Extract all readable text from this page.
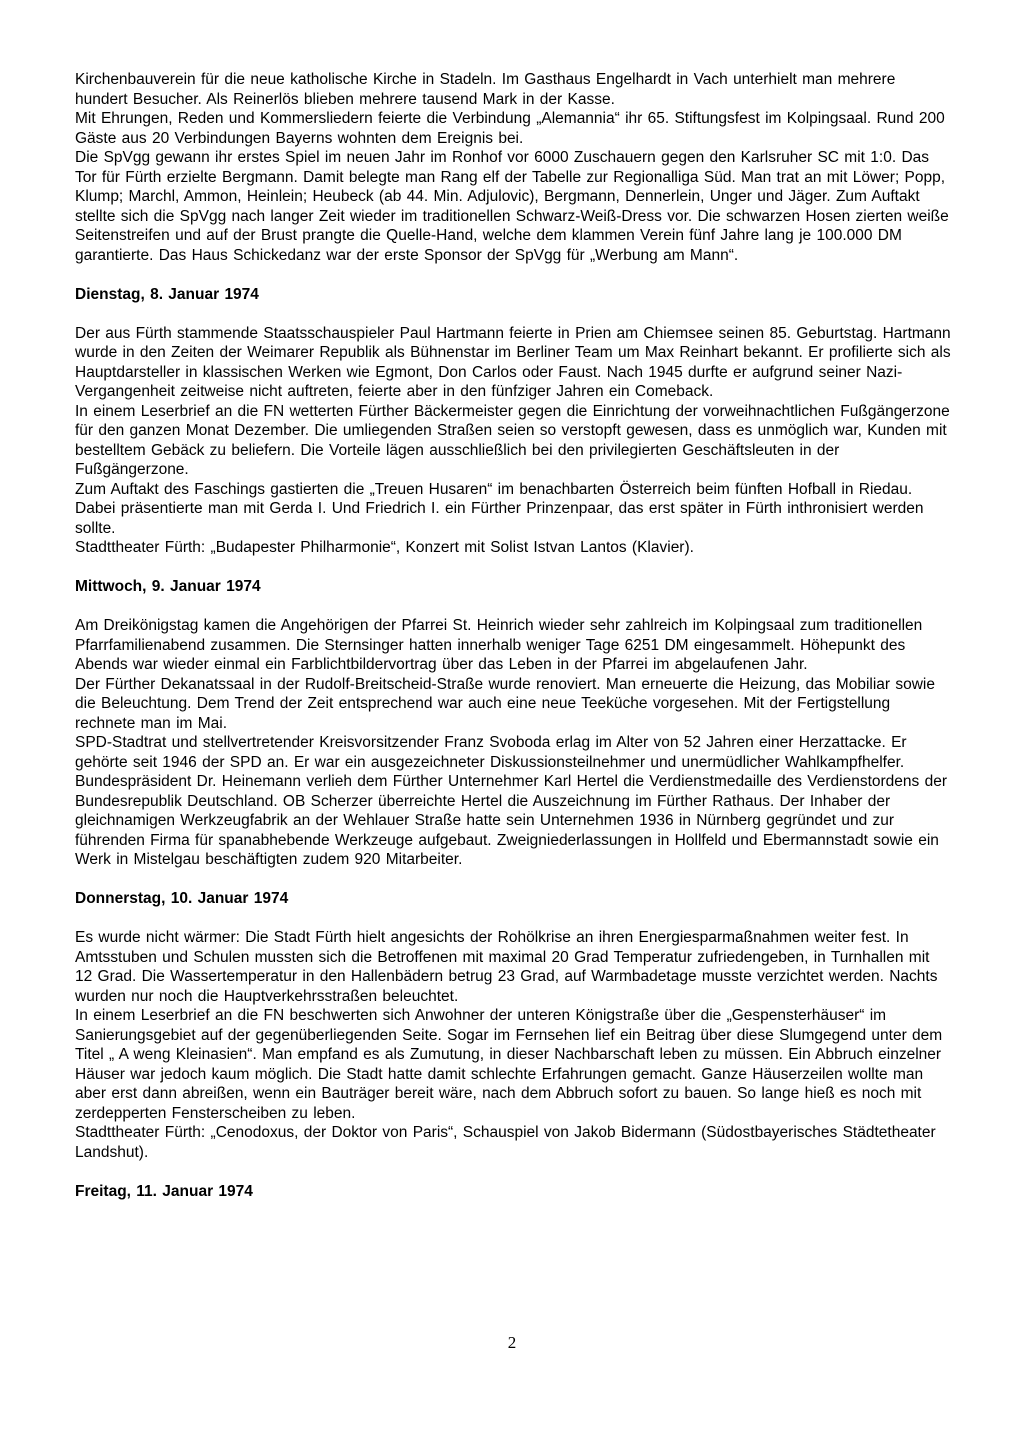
Kirchenbauverein für die neue katholische Kirche in Stadeln. Im Gasthaus Engelhardt in Vach unterhielt man mehrere hundert Besucher. Als Reinerlös blieben mehrere tausend Mark in der Kasse.

Mit Ehrungen, Reden und Kommersliedern feierte die Verbindung „Alemannia“ ihr 65. Stiftungsfest im Kolpingsaal. Rund 200 Gäste aus 20 Verbindungen Bayerns wohnten dem Ereignis bei.

Die SpVgg gewann ihr erstes Spiel im neuen Jahr im Ronhof vor 6000 Zuschauern gegen den Karlsruher SC mit 1:0. Das Tor für Fürth erzielte Bergmann. Damit belegte man Rang elf der Tabelle zur Regionalliga Süd. Man trat an mit Löwer; Popp, Klump; Marchl, Ammon, Heinlein; Heubeck (ab 44. Min. Adjulovic), Bergmann, Dennerlein, Unger und Jäger. Zum Auftakt stellte sich die SpVgg nach langer Zeit wieder im traditionellen Schwarz-Weiß-Dress vor. Die schwarzen Hosen zierten weiße Seitenstreifen und auf der Brust prangte die Quelle-Hand, welche dem klammen Verein fünf Jahre lang je 100.000 DM garantierte. Das Haus Schickedanz war der erste Sponsor der SpVgg für „Werbung am Mann“.

Dienstag, 8. Januar 1974

Der aus Fürth stammende Staatsschauspieler Paul Hartmann feierte in Prien am Chiemsee seinen 85. Geburtstag. Hartmann wurde in den Zeiten der Weimarer Republik als Bühnenstar im Berliner Team um Max Reinhart bekannt. Er profilierte sich als Hauptdarsteller in klassischen Werken wie Egmont, Don Carlos oder Faust. Nach 1945 durfte er aufgrund seiner Nazi-Vergangenheit zeitweise nicht auftreten, feierte aber in den fünfziger Jahren ein Comeback.

In einem Leserbrief an die FN wetterten Fürther Bäckermeister gegen die Einrichtung der vorweihnachtlichen Fußgängerzone für den ganzen Monat Dezember. Die umliegenden Straßen seien so verstopft gewesen, dass es unmöglich war, Kunden mit bestelltem Gebäck zu beliefern. Die Vorteile lägen ausschließlich bei den privilegierten Geschäftsleuten in der Fußgängerzone.

Zum Auftakt des Faschings gastierten die „Treuen Husaren“ im benachbarten Österreich beim fünften Hofball in Riedau. Dabei präsentierte man mit Gerda I. Und Friedrich I. ein Fürther Prinzenpaar, das erst später in Fürth inthronisiert werden sollte.

Stadttheater Fürth: „Budapester Philharmonie“, Konzert mit Solist Istvan Lantos (Klavier).

Mittwoch, 9. Januar 1974

Am Dreikönigstag kamen die Angehörigen der Pfarrei St. Heinrich wieder sehr zahlreich im Kolpingsaal zum traditionellen Pfarrfamilienabend zusammen. Die Sternsinger hatten innerhalb weniger Tage 6251 DM eingesammelt. Höhepunkt des Abends war wieder einmal ein Farblichtbildervortrag über das Leben in der Pfarrei im abgelaufenen Jahr.

Der Fürther Dekanatssaal in der Rudolf-Breitscheid-Straße wurde renoviert. Man erneuerte die Heizung, das Mobiliar sowie die Beleuchtung. Dem Trend der Zeit entsprechend war auch eine neue Teeküche vorgesehen. Mit der Fertigstellung rechnete man im Mai.

SPD-Stadtrat und stellvertretender Kreisvorsitzender Franz Svoboda erlag im Alter von 52 Jahren einer Herzattacke. Er gehörte seit 1946 der SPD an. Er war ein ausgezeichneter Diskussionsteilnehmer und unermüdlicher Wahlkampfhelfer.

Bundespräsident Dr. Heinemann verlieh dem Fürther Unternehmer Karl Hertel die Verdienstmedaille des Verdienstordens der Bundesrepublik Deutschland. OB Scherzer überreichte Hertel die Auszeichnung im Fürther Rathaus. Der Inhaber der gleichnamigen Werkzeugfabrik an der Wehlauer Straße hatte sein Unternehmen 1936 in Nürnberg gegründet und zur führenden Firma für spanabhebende Werkzeuge aufgebaut. Zweigniederlassungen in Hollfeld und Ebermannstadt sowie ein Werk in Mistelgau beschäftigten zudem 920 Mitarbeiter.

Donnerstag, 10. Januar 1974

Es wurde nicht wärmer: Die Stadt Fürth hielt angesichts der Rohölkrise an ihren Energiesparmaßnahmen weiter fest. In Amtsstuben und Schulen mussten sich die Betroffenen mit maximal 20 Grad Temperatur zufriedengeben, in Turnhallen mit 12 Grad. Die Wassertemperatur in den Hallenbädern betrug 23 Grad, auf Warmbadetage musste verzichtet werden. Nachts wurden nur noch die Hauptverkehrsstraßen beleuchtet.

In einem Leserbrief an die FN beschwerten sich Anwohner der unteren Königstraße über die „Gespensterhäuser“ im Sanierungsgebiet auf der gegenüberliegenden Seite. Sogar im Fernsehen lief ein Beitrag über diese Slumgegend unter dem Titel „ A weng Kleinasien“. Man empfand es als Zumutung, in dieser Nachbarschaft leben zu müssen. Ein Abbruch einzelner Häuser war jedoch kaum möglich. Die Stadt hatte damit schlechte Erfahrungen gemacht. Ganze Häuserzeilen wollte man aber erst dann abreißen, wenn ein Bauträger bereit wäre, nach dem Abbruch sofort zu bauen. So lange hieß es noch mit zerdepperten Fensterscheiben zu leben.

Stadttheater Fürth: „Cenodoxus, der Doktor von Paris“, Schauspiel von Jakob Bidermann (Südostbayerisches Städtetheater Landshut).

Freitag, 11. Januar 1974
2
